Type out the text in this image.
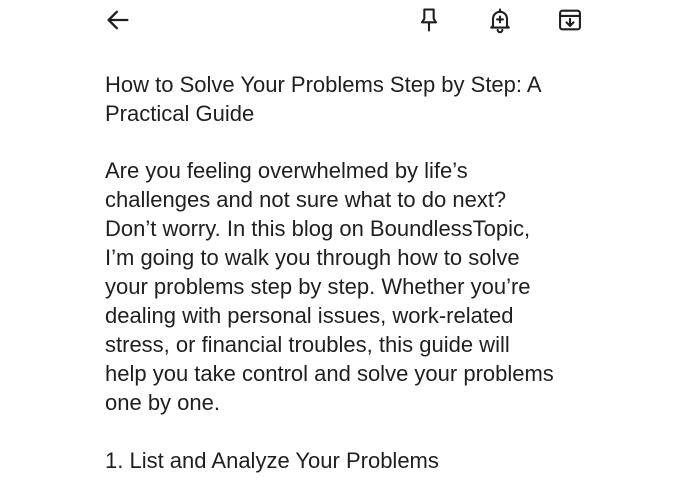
How to Solve Your Problems Step by Step: A Practical Guide

Are you feeling overwhelmed by life’s
challenges and not sure what to do next?
Don’t worry. In this blog on BoundlessTopic,
I’m going to walk you through how to solve
your problems step by step. Whether you’re
dealing with personal issues, work-related
stress, or financial troubles, this guide will
help you take control and solve your problems
one by one.

1. List and Analyze Your Problems
